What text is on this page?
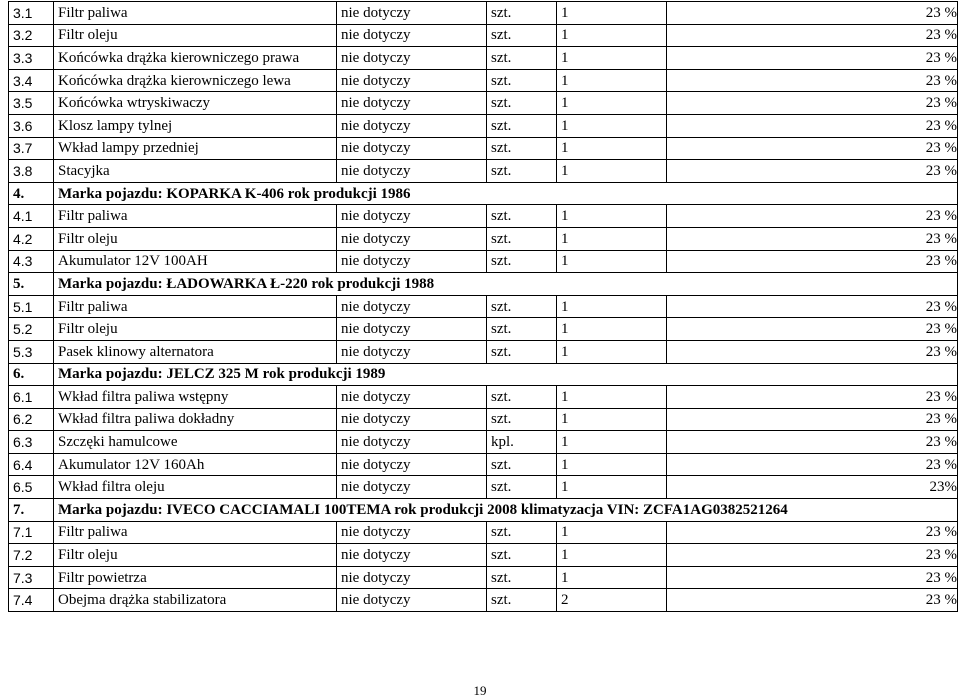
3.1	Filtr paliwa	nie dotyczy	szt.	1	23 %
3.2	Filtr oleju	nie dotyczy	szt.	1	23 %
3.3	Końcówka drążka kierowniczego prawa	nie dotyczy	szt.	1	23 %
3.4	Końcówka drążka kierowniczego lewa	nie dotyczy	szt.	1	23 %
3.5	Końcówka wtryskiwaczy	nie dotyczy	szt.	1	23 %
3.6	Klosz lampy tylnej	nie dotyczy	szt.	1	23 %
3.7	Wkład lampy przedniej	nie dotyczy	szt.	1	23 %
3.8	Stacyjka	nie dotyczy	szt.	1	23 %
4.	Marka pojazdu: KOPARKA K-406 rok produkcji 1986				
4.1	Filtr paliwa	nie dotyczy	szt.	1	23 %
4.2	Filtr oleju	nie dotyczy	szt.	1	23 %
4.3	Akumulator 12V 100AH	nie dotyczy	szt.	1	23 %
5.	Marka pojazdu: ŁADOWARKA Ł-220 rok produkcji 1988				
5.1	Filtr paliwa	nie dotyczy	szt.	1	23 %
5.2	Filtr oleju	nie dotyczy	szt.	1	23 %
5.3	Pasek klinowy alternatora	nie dotyczy	szt.	1	23 %
6.	Marka pojazdu: JELCZ 325 M rok produkcji 1989				
6.1	Wkład filtra paliwa wstępny	nie dotyczy	szt.	1	23 %
6.2	Wkład filtra paliwa dokładny	nie dotyczy	szt.	1	23 %
6.3	Szczęki hamulcowe	nie dotyczy	kpl.	1	23 %
6.4	Akumulator 12V 160Ah	nie dotyczy	szt.	1	23 %
6.5	Wkład filtra oleju	nie dotyczy	szt.	1	23%
7.	Marka pojazdu: IVECO CACCIAMALI 100TEMA rok produkcji 2008 klimatyzacja VIN: ZCFA1AG0382521264				
7.1	Filtr paliwa	nie dotyczy	szt.	1	23 %
7.2	Filtr oleju	nie dotyczy	szt.	1	23 %
7.3	Filtr powietrza	nie dotyczy	szt.	1	23 %
7.4	Obejma drążka stabilizatora	nie dotyczy	szt.	2	23 %
19
